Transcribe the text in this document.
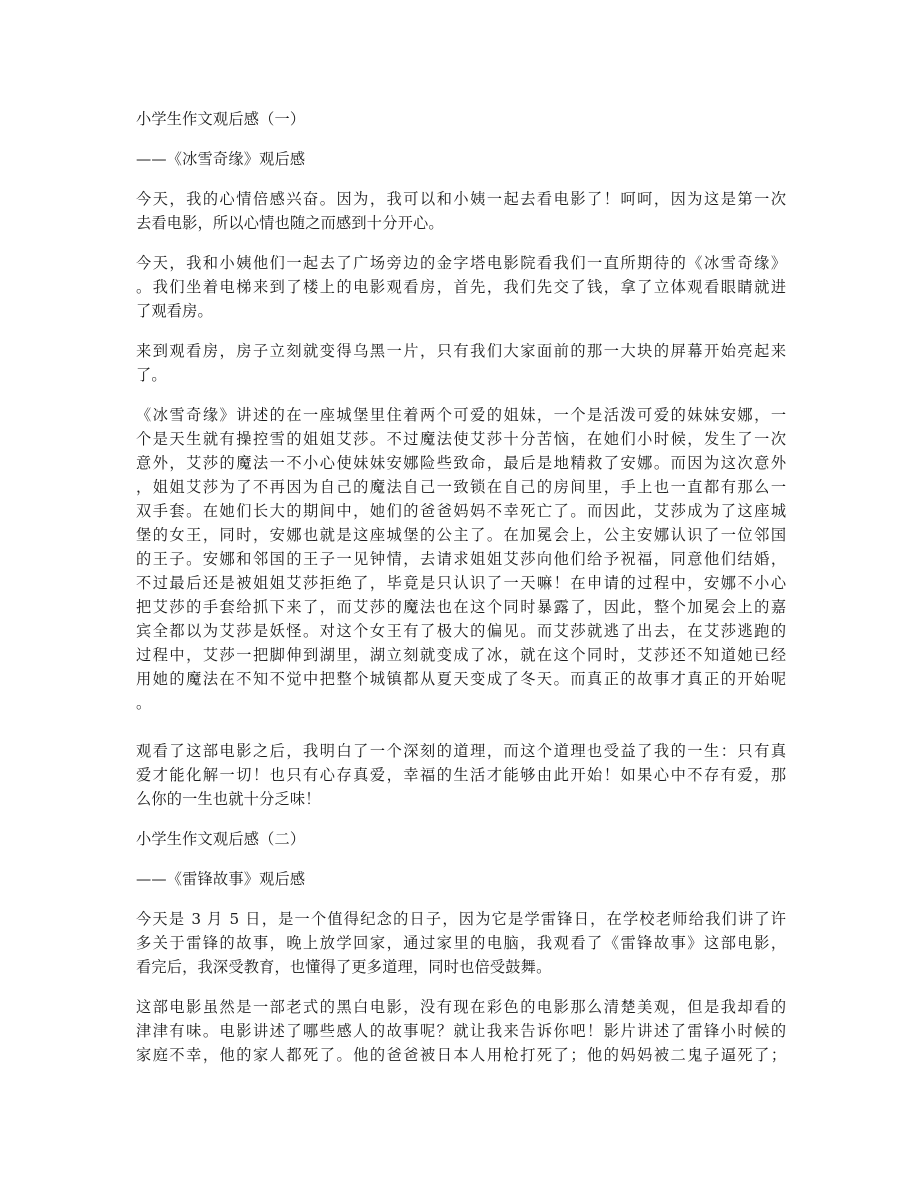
小学生作文观后感（一）
——《冰雪奇缘》观后感
今天，我的心情倍感兴奋。因为，我可以和小姨一起去看电影了！呵呵，因为这是第一次
去看电影，所以心情也随之而感到十分开心。
今天，我和小姨他们一起去了广场旁边的金字塔电影院看我们一直所期待的《冰雪奇缘》
。我们坐着电梯来到了楼上的电影观看房，首先，我们先交了钱，拿了立体观看眼睛就进
了观看房。
来到观看房，房子立刻就变得乌黑一片，只有我们大家面前的那一大块的屏幕开始亮起来
了。
《冰雪奇缘》讲述的在一座城堡里住着两个可爱的姐妹，一个是活泼可爱的妹妹安娜，一
个是天生就有操控雪的姐姐艾莎。不过魔法使艾莎十分苦恼，在她们小时候，发生了一次
意外，艾莎的魔法一不小心使妹妹安娜险些致命，最后是地精救了安娜。而因为这次意外
，姐姐艾莎为了不再因为自己的魔法自己一致锁在自己的房间里，手上也一直都有那么一
双手套。在她们长大的期间中，她们的爸爸妈妈不幸死亡了。而因此，艾莎成为了这座城
堡的女王，同时，安娜也就是这座城堡的公主了。在加冕会上，公主安娜认识了一位邻国
的王子。安娜和邻国的王子一见钟情，去请求姐姐艾莎向他们给予祝福，同意他们结婚，
不过最后还是被姐姐艾莎拒绝了，毕竟是只认识了一天嘛！在申请的过程中，安娜不小心
把艾莎的手套给抓下来了，而艾莎的魔法也在这个同时暴露了，因此，整个加冕会上的嘉
宾全都以为艾莎是妖怪。对这个女王有了极大的偏见。而艾莎就逃了出去，在艾莎逃跑的
过程中，艾莎一把脚伸到湖里，湖立刻就变成了冰，就在这个同时，艾莎还不知道她已经
用她的魔法在不知不觉中把整个城镇都从夏天变成了冬天。而真正的故事才真正的开始呢
。
观看了这部电影之后，我明白了一个深刻的道理，而这个道理也受益了我的一生：只有真
爱才能化解一切！也只有心存真爱，幸福的生活才能够由此开始！如果心中不存有爱，那
么你的一生也就十分乏味！
小学生作文观后感（二）
——《雷锋故事》观后感
今天是 3 月 5 日，是一个值得纪念的日子，因为它是学雷锋日，在学校老师给我们讲了许
多关于雷锋的故事，晚上放学回家，通过家里的电脑，我观看了《雷锋故事》这部电影，
看完后，我深受教育，也懂得了更多道理，同时也倍受鼓舞。
这部电影虽然是一部老式的黑白电影，没有现在彩色的电影那么清楚美观，但是我却看的
津津有味。电影讲述了哪些感人的故事呢？就让我来告诉你吧！影片讲述了雷锋小时候的
家庭不幸，他的家人都死了。他的爸爸被日本人用枪打死了；他的妈妈被二鬼子逼死了；
